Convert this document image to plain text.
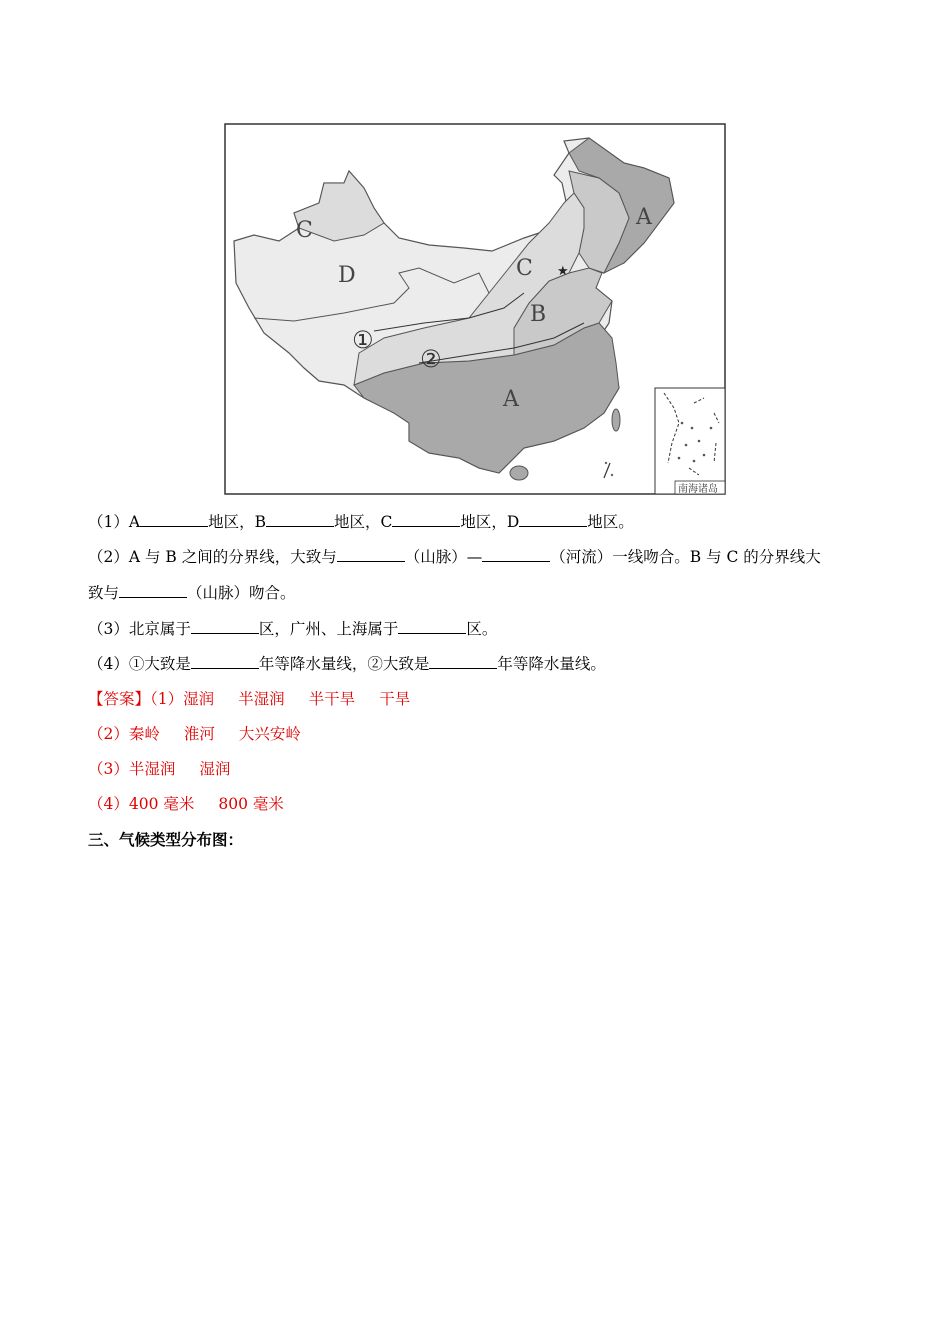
★
A
B
C
D
C
A
①
②
南海诸岛
（1）A	地区，B	地区，C	地区，D	地区。
（2）A 与 B 之间的分界线，大致与	（山脉）—	（河流）一线吻合。B 与 C 的分界线大
致与	（山脉）吻合。
（3）北京属于	区，广州、上海属于	区。
（4）①大致是	年等降水量线，②大致是	年等降水量线。
【答案】（1）湿润 半湿润 半干旱 干旱
（2）秦岭 淮河 大兴安岭
（3）半湿润 湿润
（4）400 毫米 800 毫米
三、气候类型分布图：
